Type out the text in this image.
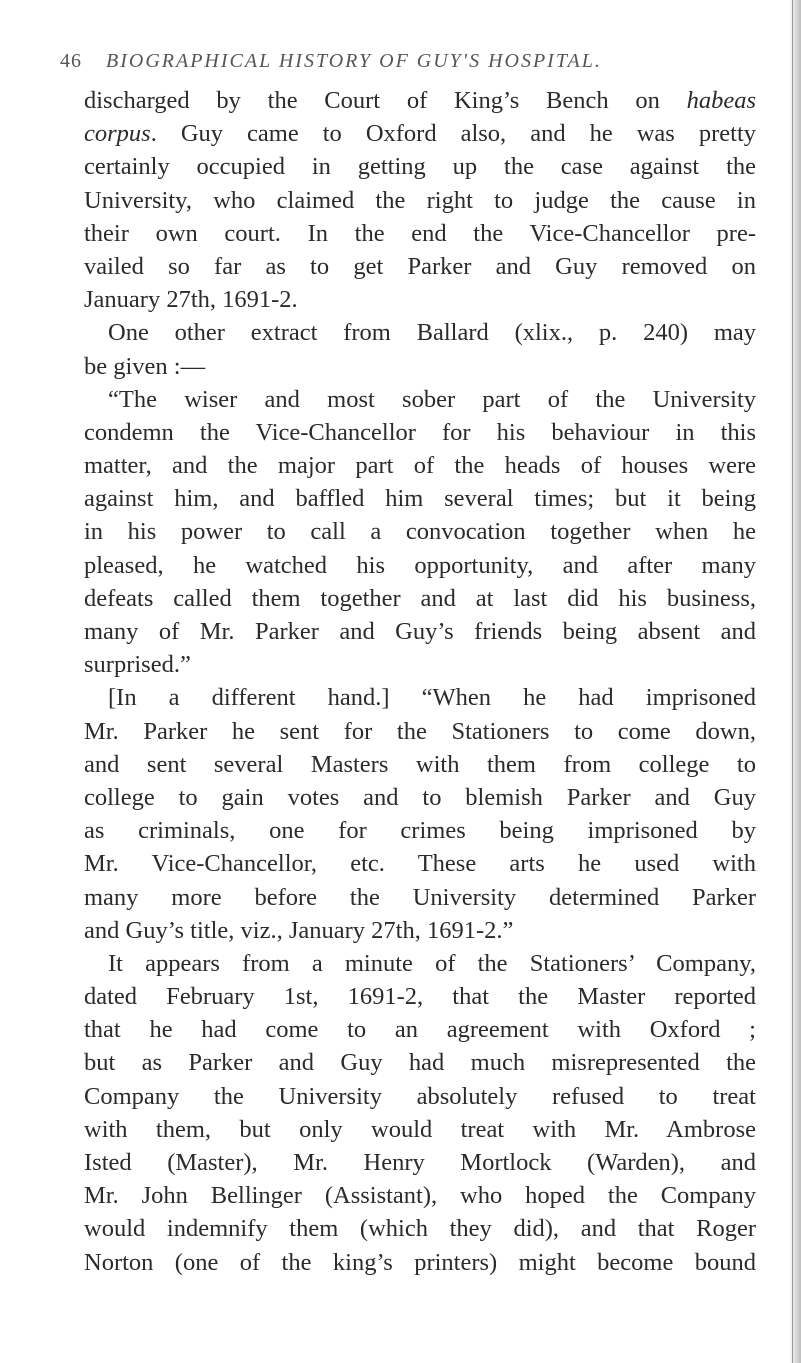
46 BIOGRAPHICAL HISTORY OF GUY'S HOSPITAL.
discharged by the Court of King’s Bench on habeas
corpus. Guy came to Oxford also, and he was pretty
certainly occupied in getting up the case against the
University, who claimed the right to judge the cause in
their own court. In the end the Vice-Chancellor pre-
vailed so far as to get Parker and Guy removed on
January 27th, 1691-2.
One other extract from Ballard (xlix., p. 240) may
be given :—
“The wiser and most sober part of the University
condemn the Vice-Chancellor for his behaviour in this
matter, and the major part of the heads of houses were
against him, and baffled him several times; but it being
in his power to call a convocation together when he
pleased, he watched his opportunity, and after many
defeats called them together and at last did his business,
many of Mr. Parker and Guy’s friends being absent and
surprised.”
[In a different hand.] “When he had imprisoned
Mr. Parker he sent for the Stationers to come down,
and sent several Masters with them from college to
college to gain votes and to blemish Parker and Guy
as criminals, one for crimes being imprisoned by
Mr. Vice-Chancellor, etc. These arts he used with
many more before the University determined Parker
and Guy’s title, viz., January 27th, 1691-2.”
It appears from a minute of the Stationers’ Company,
dated February 1st, 1691-2, that the Master reported
that he had come to an agreement with Oxford ;
but as Parker and Guy had much misrepresented the
Company the University absolutely refused to treat
with them, but only would treat with Mr. Ambrose
Isted (Master), Mr. Henry Mortlock (Warden), and
Mr. John Bellinger (Assistant), who hoped the Company
would indemnify them (which they did), and that Roger
Norton (one of the king’s printers) might become bound
